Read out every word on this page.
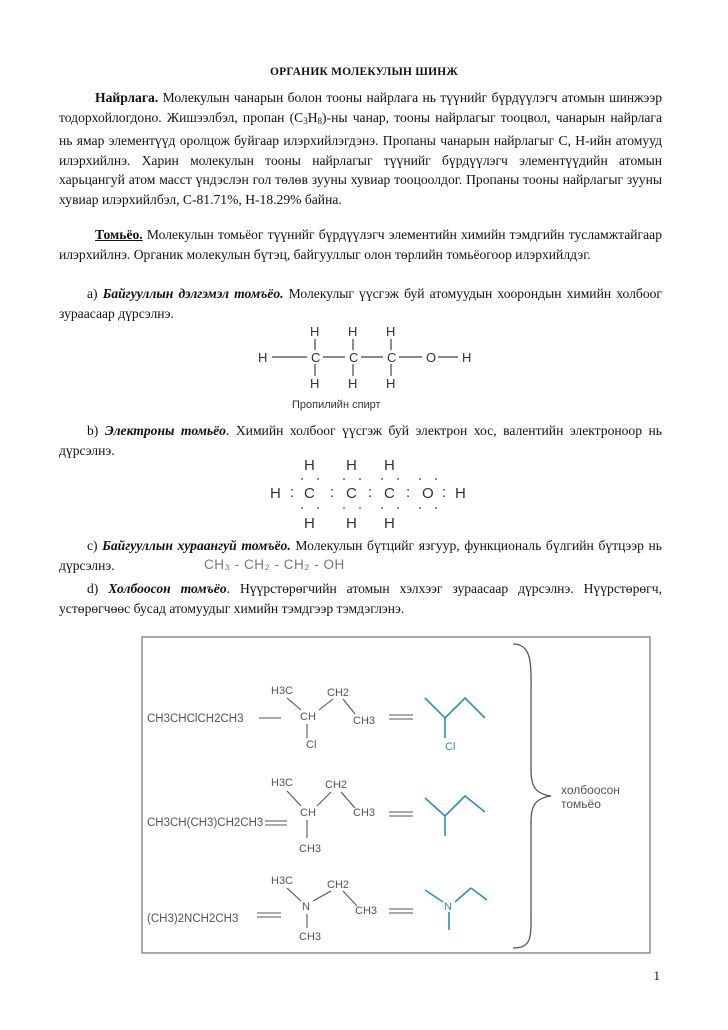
ОРГАНИК МОЛЕКУЛЫН ШИНЖ
Найрлага. Молекулын чанарын болон тооны найрлага нь түүнийг бүрдүүлэгч атомын шинжээр тодорхойлогдоно. Жишээлбэл, пропан $(C_3H_8)-ны$ чанар, тооны найрлагыг тооцвол, чанарын найрлага нь ямар элементүүд оролцож буйгаар илэрхийлэгдэнэ. Пропаны чанарын найрлагыг C, H-ийн атомууд илэрхийлнэ. Харин молекулын тооны найрлагыг түүнийг бүрдүүлэгч элементүүдийн атомын харьцангуй атом масст үндэслэн гол төлөв зууны хувиар тооцоолдог. Пропаны тооны найрлагыг зууны хувиар илэрхийлбэл, C-81.71%, H-18.29% байна.
Томьёо. Молекулын томьёог түүнийг бүрдүүлэгч элементийн химийн тэмдгийн тусламжтайгаар илэрхийлнэ. Органик молекулын бүтэц, байгууллыг олон төрлийн томьёогоор илэрхийлдэг.
a) Байгууллын дэлгэмэл томъёо. Молекулыг үүсгэж буй атомуудын хоорондын химийн холбоог зураасаар дүрсэлнэ.
H H H
H	C C C O H
H H H
Пропилийн спирт
b) Электроны томьёо. Химийн холбоог үүсгэж буй электрон хос, валентийн электроноор нь дүрсэлнэ.
H H H
H : C : C : C : O : H
H H H
c) Байгууллын хураангуй томъёо. Молекулын бүтцийг язгуур, функциональ бүлгийн бүтцээр нь дүрсэлнэ.	CH₃ - CH₂ - CH₂ - OH
d) Холбоосон томъёо. Нүүрстөрөгчийн атомын хэлхээг зураасаар дүрсэлнэ. Нүүрстөрөгч, устөрөгчөөс бусад атомуудыг химийн тэмдгээр тэмдэглэнэ.
CH3CHClCH2CH3
H3C	CH2
CH	CH3
Cl	Cl
CH3CH(CH3)CH2CH3
H3C	CH2
CH	CH3
CH3
(CH3)2NCH2CH3
H3C	CH2
N	CH3
CH3
N
холбоосон
томьёо
1
